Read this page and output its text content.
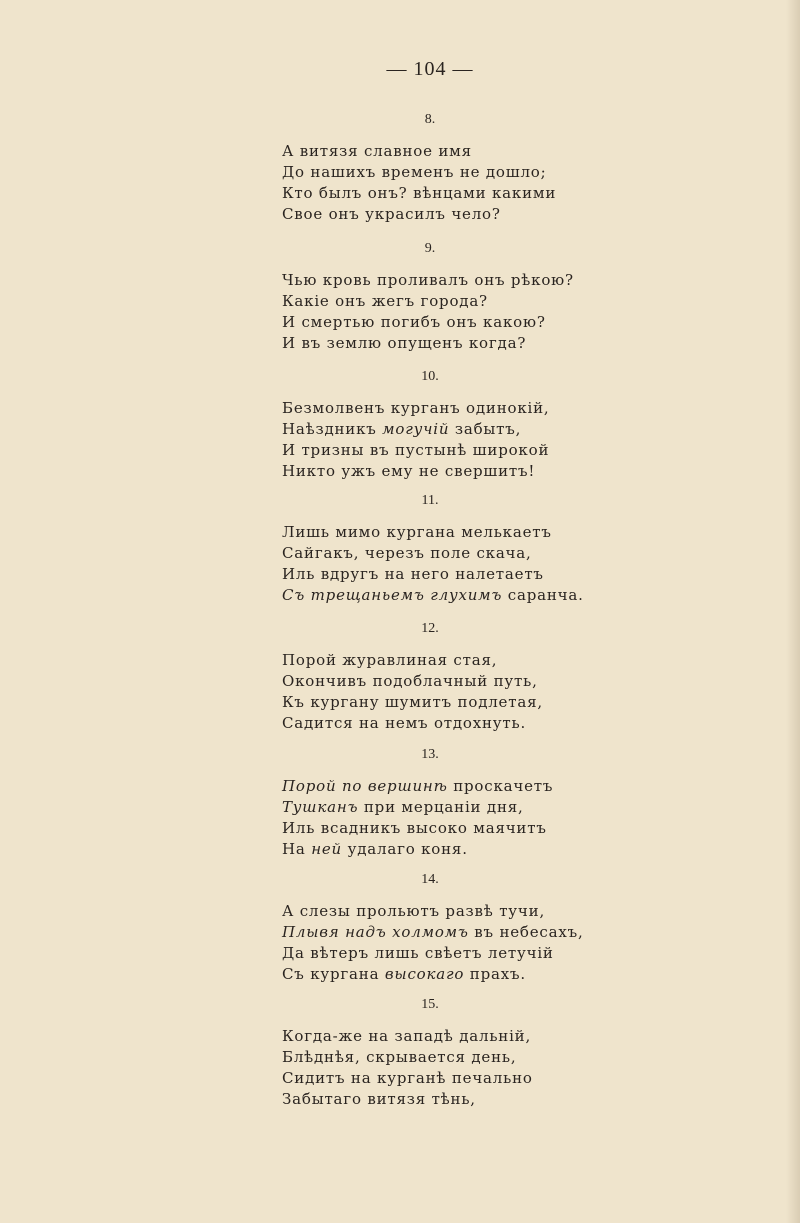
— 104 —
8.
А витязя славное имя
До нашихъ временъ не дошло;
Кто былъ онъ? вѣнцами какими
Свое онъ украсилъ чело?
9.
Чью кровь проливалъ онъ рѣкою?
Какіе онъ жегъ города?
И смертью погибъ онъ какою?
И въ землю опущенъ когда?
10.
Безмолвенъ курганъ одинокій,
Наѣздникъ могучій забытъ,
И тризны въ пустынѣ широкой
Никто ужъ ему не свершитъ!
11.
Лишь мимо кургана мелькаетъ
Сайгакъ, черезъ поле скача,
Иль вдругъ на него налетаетъ
Съ трещаньемъ глухимъ саранча.
12.
Порой журавлиная стая,
Окончивъ подоблачный путь,
Къ кургану шумитъ подлетая,
Садится на немъ отдохнуть.
13.
Порой по вершинѣ проскачетъ
Тушканъ при мерцаніи дня,
Иль всадникъ высоко маячитъ
На ней удалаго коня.
14.
А слезы прольютъ развѣ тучи,
Плывя надъ холмомъ въ небесахъ,
Да вѣтеръ лишь свѣетъ летучій
Съ кургана высокаго прахъ.
15.
Когда-же на западѣ дальній,
Блѣднѣя, скрывается день,
Сидитъ на курганѣ печально
Забытаго витязя тѣнь,
